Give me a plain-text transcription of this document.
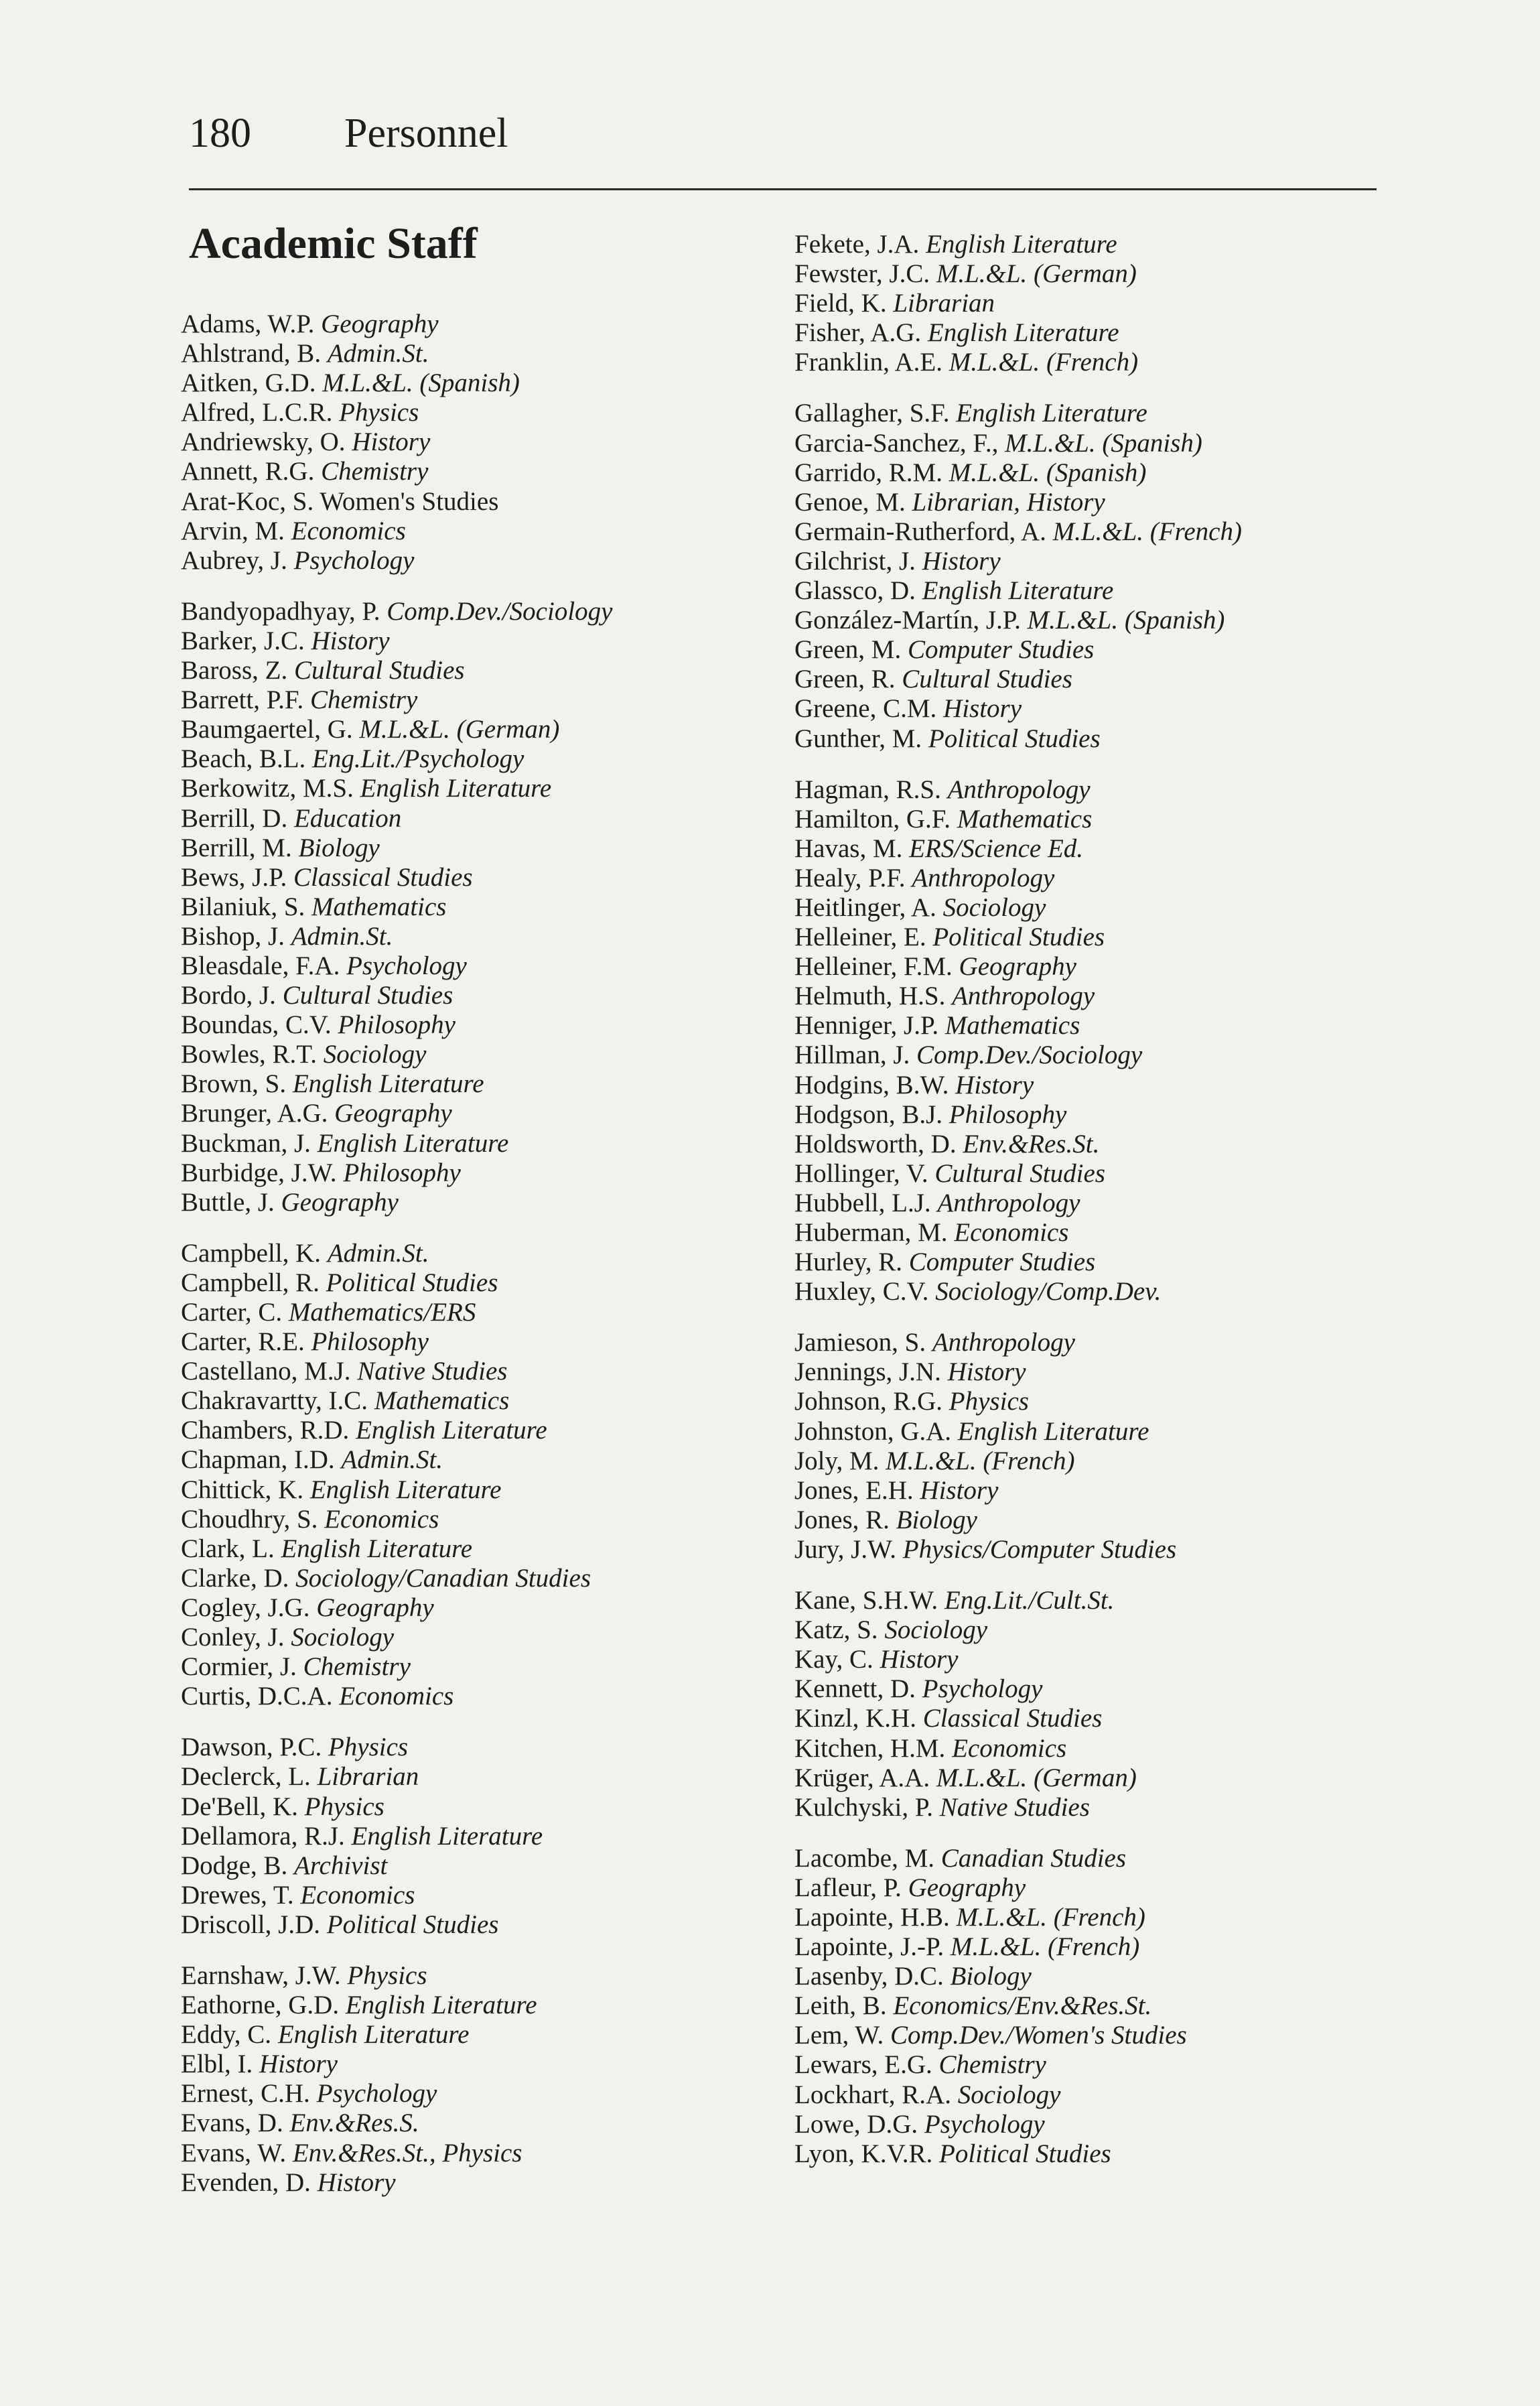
180 Personnel
Academic Staff
Adams, W.P. Geography
Ahlstrand, B. Admin.St.
Aitken, G.D. M.L.&L. (Spanish)
Alfred, L.C.R. Physics
Andriewsky, O. History
Annett, R.G. Chemistry
Arat-Koc, S. Women's Studies
Arvin, M. Economics
Aubrey, J. Psychology
Bandyopadhyay, P. Comp.Dev./Sociology
Barker, J.C. History
Baross, Z. Cultural Studies
Barrett, P.F. Chemistry
Baumgaertel, G. M.L.&L. (German)
Beach, B.L. Eng.Lit./Psychology
Berkowitz, M.S. English Literature
Berrill, D. Education
Berrill, M. Biology
Bews, J.P. Classical Studies
Bilaniuk, S. Mathematics
Bishop, J. Admin.St.
Bleasdale, F.A. Psychology
Bordo, J. Cultural Studies
Boundas, C.V. Philosophy
Bowles, R.T. Sociology
Brown, S. English Literature
Brunger, A.G. Geography
Buckman, J. English Literature
Burbidge, J.W. Philosophy
Buttle, J. Geography
Campbell, K. Admin.St.
Campbell, R. Political Studies
Carter, C. Mathematics/ERS
Carter, R.E. Philosophy
Castellano, M.J. Native Studies
Chakravartty, I.C. Mathematics
Chambers, R.D. English Literature
Chapman, I.D. Admin.St.
Chittick, K. English Literature
Choudhry, S. Economics
Clark, L. English Literature
Clarke, D. Sociology/Canadian Studies
Cogley, J.G. Geography
Conley, J. Sociology
Cormier, J. Chemistry
Curtis, D.C.A. Economics
Dawson, P.C. Physics
Declerck, L. Librarian
De'Bell, K. Physics
Dellamora, R.J. English Literature
Dodge, B. Archivist
Drewes, T. Economics
Driscoll, J.D. Political Studies
Earnshaw, J.W. Physics
Eathorne, G.D. English Literature
Eddy, C. English Literature
Elbl, I. History
Ernest, C.H. Psychology
Evans, D. Env.&Res.S.
Evans, W. Env.&Res.St., Physics
Evenden, D. History
Fekete, J.A. English Literature
Fewster, J.C. M.L.&L. (German)
Field, K. Librarian
Fisher, A.G. English Literature
Franklin, A.E. M.L.&L. (French)
Gallagher, S.F. English Literature
Garcia-Sanchez, F., M.L.&L. (Spanish)
Garrido, R.M. M.L.&L. (Spanish)
Genoe, M. Librarian, History
Germain-Rutherford, A. M.L.&L. (French)
Gilchrist, J. History
Glassco, D. English Literature
González-Martín, J.P. M.L.&L. (Spanish)
Green, M. Computer Studies
Green, R. Cultural Studies
Greene, C.M. History
Gunther, M. Political Studies
Hagman, R.S. Anthropology
Hamilton, G.F. Mathematics
Havas, M. ERS/Science Ed.
Healy, P.F. Anthropology
Heitlinger, A. Sociology
Helleiner, E. Political Studies
Helleiner, F.M. Geography
Helmuth, H.S. Anthropology
Henniger, J.P. Mathematics
Hillman, J. Comp.Dev./Sociology
Hodgins, B.W. History
Hodgson, B.J. Philosophy
Holdsworth, D. Env.&Res.St.
Hollinger, V. Cultural Studies
Hubbell, L.J. Anthropology
Huberman, M. Economics
Hurley, R. Computer Studies
Huxley, C.V. Sociology/Comp.Dev.
Jamieson, S. Anthropology
Jennings, J.N. History
Johnson, R.G. Physics
Johnston, G.A. English Literature
Joly, M. M.L.&L. (French)
Jones, E.H. History
Jones, R. Biology
Jury, J.W. Physics/Computer Studies
Kane, S.H.W. Eng.Lit./Cult.St.
Katz, S. Sociology
Kay, C. History
Kennett, D. Psychology
Kinzl, K.H. Classical Studies
Kitchen, H.M. Economics
Krüger, A.A. M.L.&L. (German)
Kulchyski, P. Native Studies
Lacombe, M. Canadian Studies
Lafleur, P. Geography
Lapointe, H.B. M.L.&L. (French)
Lapointe, J.-P. M.L.&L. (French)
Lasenby, D.C. Biology
Leith, B. Economics/Env.&Res.St.
Lem, W. Comp.Dev./Women's Studies
Lewars, E.G. Chemistry
Lockhart, R.A. Sociology
Lowe, D.G. Psychology
Lyon, K.V.R. Political Studies
